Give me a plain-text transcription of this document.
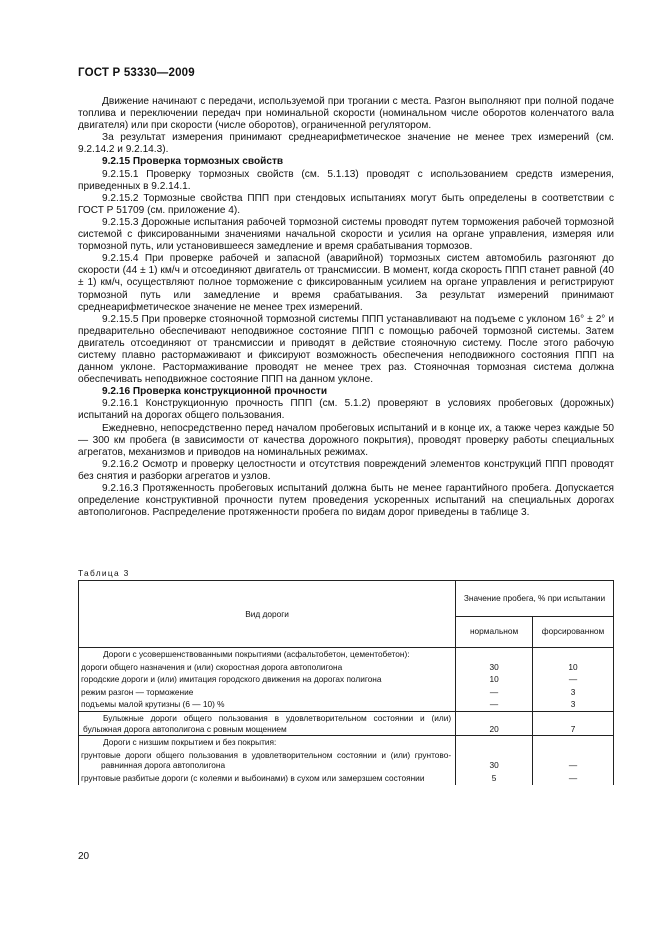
ГОСТ Р 53330—2009

Движение начинают с передачи, используемой при трогании с места. Разгон выполняют при полной подаче топлива и переключении передач при номинальной скорости (номинальном числе оборотов коленчатого вала двигателя) или при скорости (числе оборотов), ограниченной регулятором.

За результат измерения принимают среднеарифметическое значение не менее трех измерений (см. 9.2.14.2 и 9.2.14.3).

9.2.15 Проверка тормозных свойств

9.2.15.1 Проверку тормозных свойств (см. 5.1.13) проводят с использованием средств измерения, приведенных в 9.2.14.1.

9.2.15.2 Тормозные свойства ППП при стендовых испытаниях могут быть определены в соответствии с ГОСТ Р 51709 (см. приложение 4).

9.2.15.3 Дорожные испытания рабочей тормозной системы проводят путем торможения рабочей тормозной системой с фиксированными значениями начальной скорости и усилия на органе управления, измеряя или тормозной путь, или установившееся замедление и время срабатывания тормозов.

9.2.15.4 При проверке рабочей и запасной (аварийной) тормозных систем автомобиль разгоняют до скорости (44 ± 1) км/ч и отсоединяют двигатель от трансмиссии. В момент, когда скорость ППП станет равной (40 ± 1) км/ч, осуществляют полное торможение с фиксированным усилием на органе управления и регистрируют тормозной путь или замедление и время срабатывания. За результат измерений принимают среднеарифметическое значение не менее трех измерений.

9.2.15.5 При проверке стояночной тормозной системы ППП устанавливают на подъеме с уклоном 16° ± 2° и предварительно обеспечивают неподвижное состояние ППП с помощью рабочей тормозной системы. Затем двигатель отсоединяют от трансмиссии и приводят в действие стояночную систему. После этого рабочую систему плавно растормаживают и фиксируют возможность обеспечения неподвижного состояния ППП на данном уклоне. Растормаживание проводят не менее трех раз. Стояночная тормозная система должна обеспечивать неподвижное состояние ППП на данном уклоне.

9.2.16 Проверка конструкционной прочности

9.2.16.1 Конструкционную прочность ППП (см. 5.1.2) проверяют в условиях пробеговых (дорожных) испытаний на дорогах общего пользования.

Ежедневно, непосредственно перед началом пробеговых испытаний и в конце их, а также через каждые 50 — 300 км пробега (в зависимости от качества дорожного покрытия), проводят проверку работы специальных агрегатов, механизмов и приводов на номинальных режимах.

9.2.16.2 Осмотр и проверку целостности и отсутствия повреждений элементов конструкций ППП проводят без снятия и разборки агрегатов и узлов.

9.2.16.3 Протяженность пробеговых испытаний должна быть не менее гарантийного пробега. Допускается определение конструктивной прочности путем проведения ускоренных испытаний на специальных дорогах автополигонов. Распределение протяженности пробега по видам дорог приведены в таблице 3.

Таблица 3
Вид дороги	Значение пробега, % при испытании	
	нормальном	форсированном
Дороги с усовершенствованными покрытиями (асфальтобетон, цементобетон):		
дороги общего назначения и (или) скоростная дорога автополигона	30	10
городские дороги и (или) имитация городского движения на дорогах полигона	10	—
режим разгон — торможение	—	3
подъемы малой крутизны (6 — 10) %	—	3
Булыжные дороги общего пользования в удовлетворительном состоянии и (или) булыжная дорога автополигона с ровным мощением	20	7
Дороги с низшим покрытием и без покрытия:		
грунтовые дороги общего пользования в удовлетворительном состоянии и (или) грунтово-равнинная дорога автополигона	30	—
грунтовые разбитые дороги (с колеями и выбоинами) в сухом или замерзшем состоянии	5	—
20
